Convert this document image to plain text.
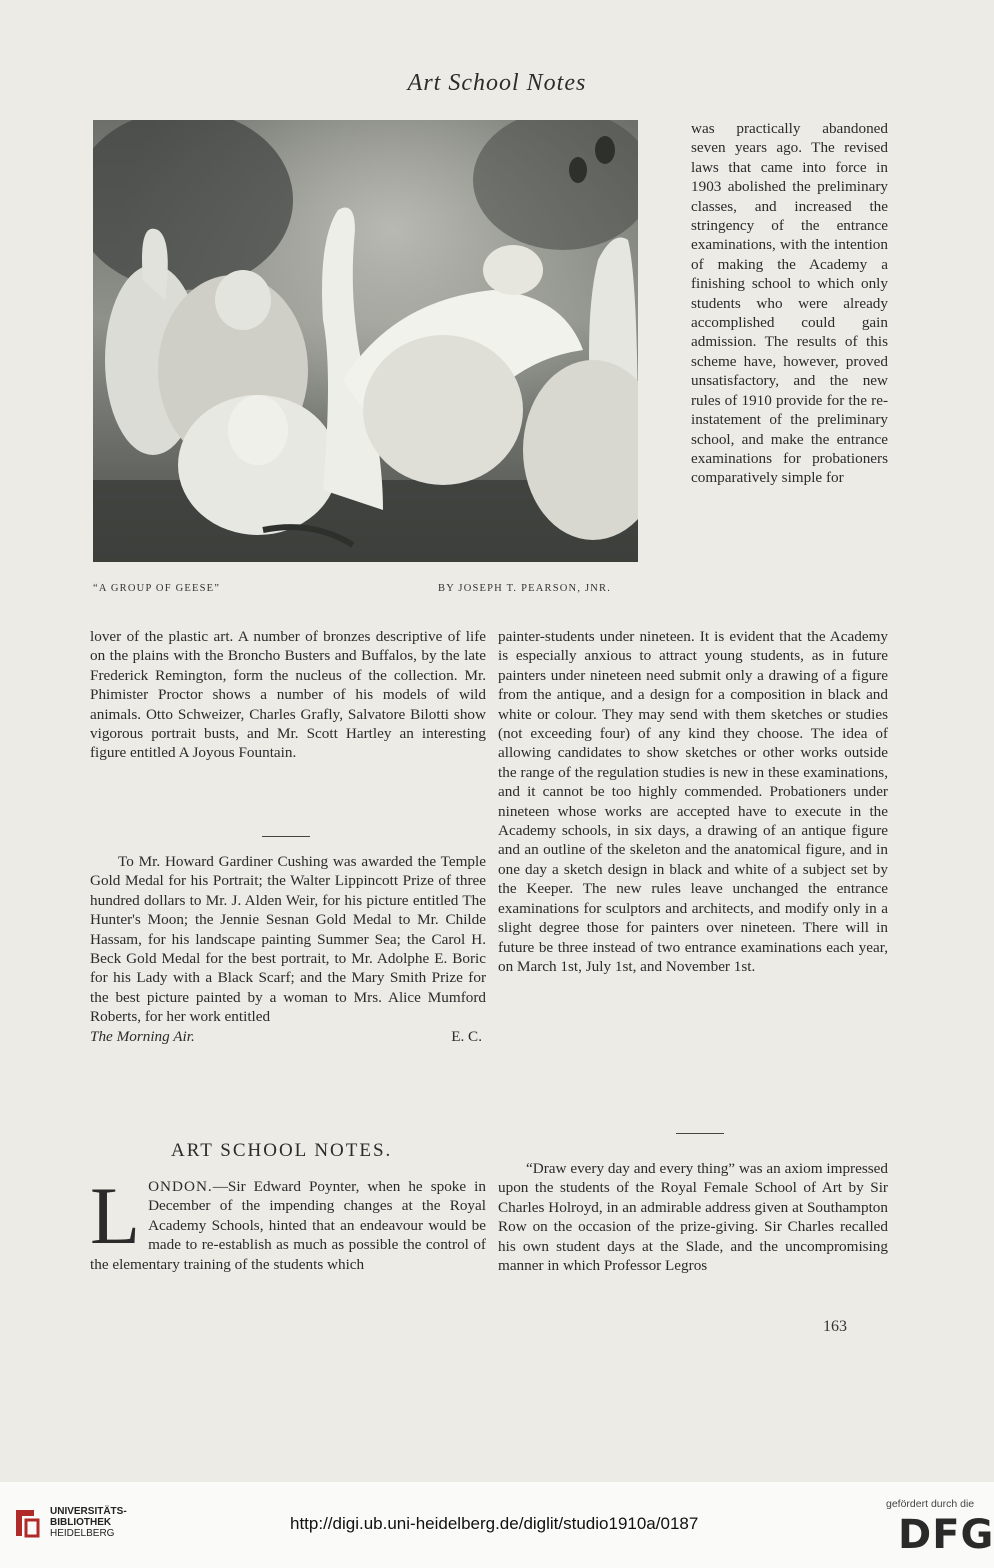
Art School Notes
“A GROUP OF GEESE”	BY JOSEPH T. PEARSON, JNR.

was practically abandoned seven years ago. The revised laws that came into force in 1903 abolished the preliminary classes, and increased the stringency of the entrance examinations, with the intention of making the Academy a finishing school to which only students who were already accomplished could gain admission. The results of this scheme have, however, proved unsatisfactory, and the new rules of 1910 provide for the re-instatement of the preliminary school, and make the entrance examinations for probationers comparatively simple for

lover of the plastic art. A number of bronzes descriptive of life on the plains with the Broncho Busters and Buffalos, by the late Frederick Remington, form the nucleus of the collection. Mr. Phimister Proctor shows a number of his models of wild animals. Otto Schweizer, Charles Grafly, Salvatore Bilotti show vigorous portrait busts, and Mr. Scott Hartley an interesting figure entitled A Joyous Fountain.

To Mr. Howard Gardiner Cushing was awarded the Temple Gold Medal for his Portrait; the Walter Lippincott Prize of three hundred dollars to Mr. J. Alden Weir, for his picture entitled The Hunter's Moon; the Jennie Sesnan Gold Medal to Mr. Childe Hassam, for his landscape painting Summer Sea; the Carol H. Beck Gold Medal for the best portrait, to Mr. Adolphe E. Boric for his Lady with a Black Scarf; and the Mary Smith Prize for the best picture painted by a woman to Mrs. Alice Mumford Roberts, for her work entitled

The Morning Air.	E. C.

ART SCHOOL NOTES.

LONDON.—Sir Edward Poynter, when he spoke in December of the impending changes at the Royal Academy Schools, hinted that an endeavour would be made to re-establish as much as possible the control of the elementary training of the students which

painter-students under nineteen. It is evident that the Academy is especially anxious to attract young students, as in future painters under nineteen need submit only a drawing of a figure from the antique, and a design for a composition in black and white or colour. They may send with them sketches or studies (not exceeding four) of any kind they choose. The idea of allowing candidates to show sketches or other works outside the range of the regulation studies is new in these examinations, and it cannot be too highly commended. Probationers under nineteen whose works are accepted have to execute in the Academy schools, in six days, a drawing of an antique figure and an outline of the skeleton and the anatomical figure, and in one day a sketch design in black and white of a subject set by the Keeper. The new rules leave unchanged the entrance examinations for sculptors and architects, and modify only in a slight degree those for painters over nineteen. There will in future be three instead of two entrance examinations each year, on March 1st, July 1st, and November 1st.

“Draw every day and every thing” was an axiom impressed upon the students of the Royal Female School of Art by Sir Charles Holroyd, in an admirable address given at Southampton Row on the occasion of the prize-giving. Sir Charles recalled his own student days at the Slade, and the uncompromising manner in which Professor Legros

163
UNIVERSITÄTS-
BIBLIOTHEK
HEIDELBERG
http://digi.ub.uni-heidelberg.de/diglit/studio1910a/0187
gefördert durch die
DFG
